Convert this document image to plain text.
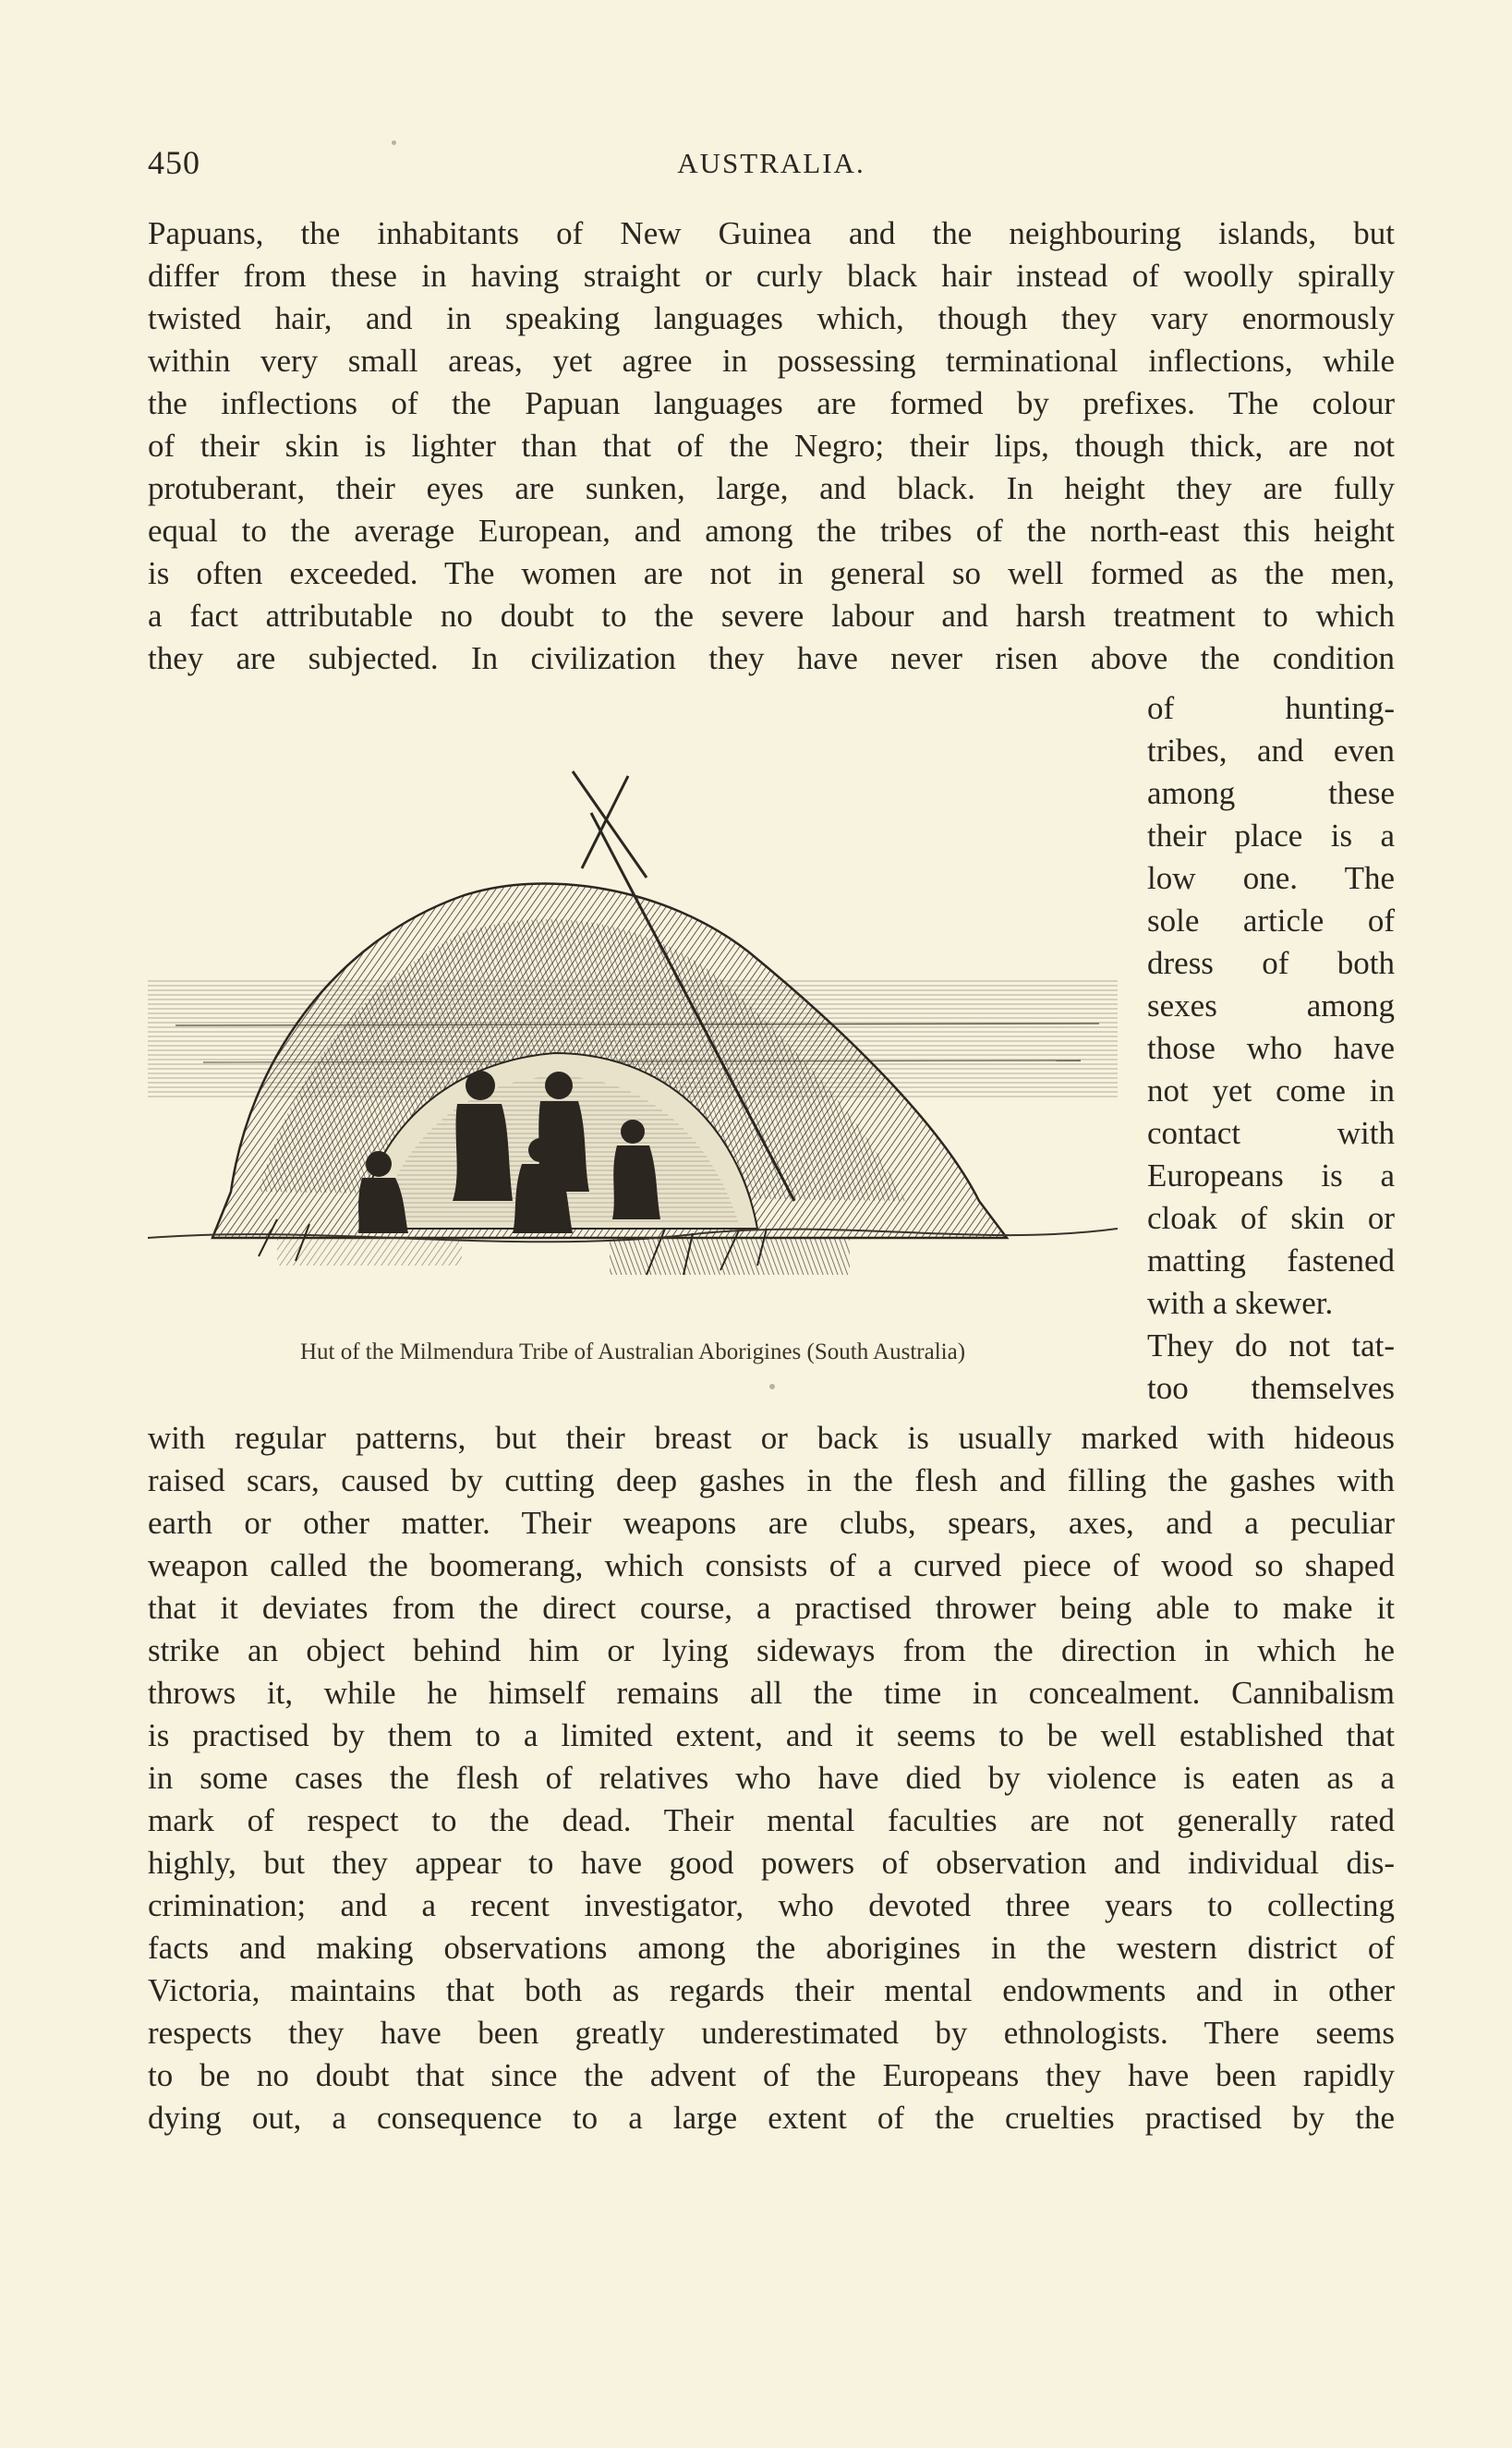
450	AUSTRALIA.
Papuans, the inhabitants of New Guinea and the neighbouring islands, but
differ from these in having straight or curly black hair instead of woolly spirally
twisted hair, and in speaking languages which, though they vary enormously
within very small areas, yet agree in possessing terminational inflections, while
the inflections of the Papuan languages are formed by prefixes. The colour
of their skin is lighter than that of the Negro; their lips, though thick, are not
protuberant, their eyes are sunken, large, and black. In height they are fully
equal to the average European, and among the tribes of the north-east this height
is often exceeded. The women are not in general so well formed as the men,
a fact attributable no doubt to the severe labour and harsh treatment to which
they are subjected. In civilization they have never risen above the condition
of hunting-
tribes, and even
among these
their place is a
low one. The
sole article of
dress of both
sexes among
those who have
not yet come in
contact with
Europeans is a
cloak of skin or
matting fastened
with a skewer.
They do not tat-
too themselves
Hut of the Milmendura Tribe of Australian Aborigines (South Australia)
with regular patterns, but their breast or back is usually marked with hideous
raised scars, caused by cutting deep gashes in the flesh and filling the gashes with
earth or other matter. Their weapons are clubs, spears, axes, and a peculiar
weapon called the boomerang, which consists of a curved piece of wood so shaped
that it deviates from the direct course, a practised thrower being able to make it
strike an object behind him or lying sideways from the direction in which he
throws it, while he himself remains all the time in concealment. Cannibalism
is practised by them to a limited extent, and it seems to be well established that
in some cases the flesh of relatives who have died by violence is eaten as a
mark of respect to the dead. Their mental faculties are not generally rated
highly, but they appear to have good powers of observation and individual dis-
crimination; and a recent investigator, who devoted three years to collecting
facts and making observations among the aborigines in the western district of
Victoria, maintains that both as regards their mental endowments and in other
respects they have been greatly underestimated by ethnologists. There seems
to be no doubt that since the advent of the Europeans they have been rapidly
dying out, a consequence to a large extent of the cruelties practised by the
